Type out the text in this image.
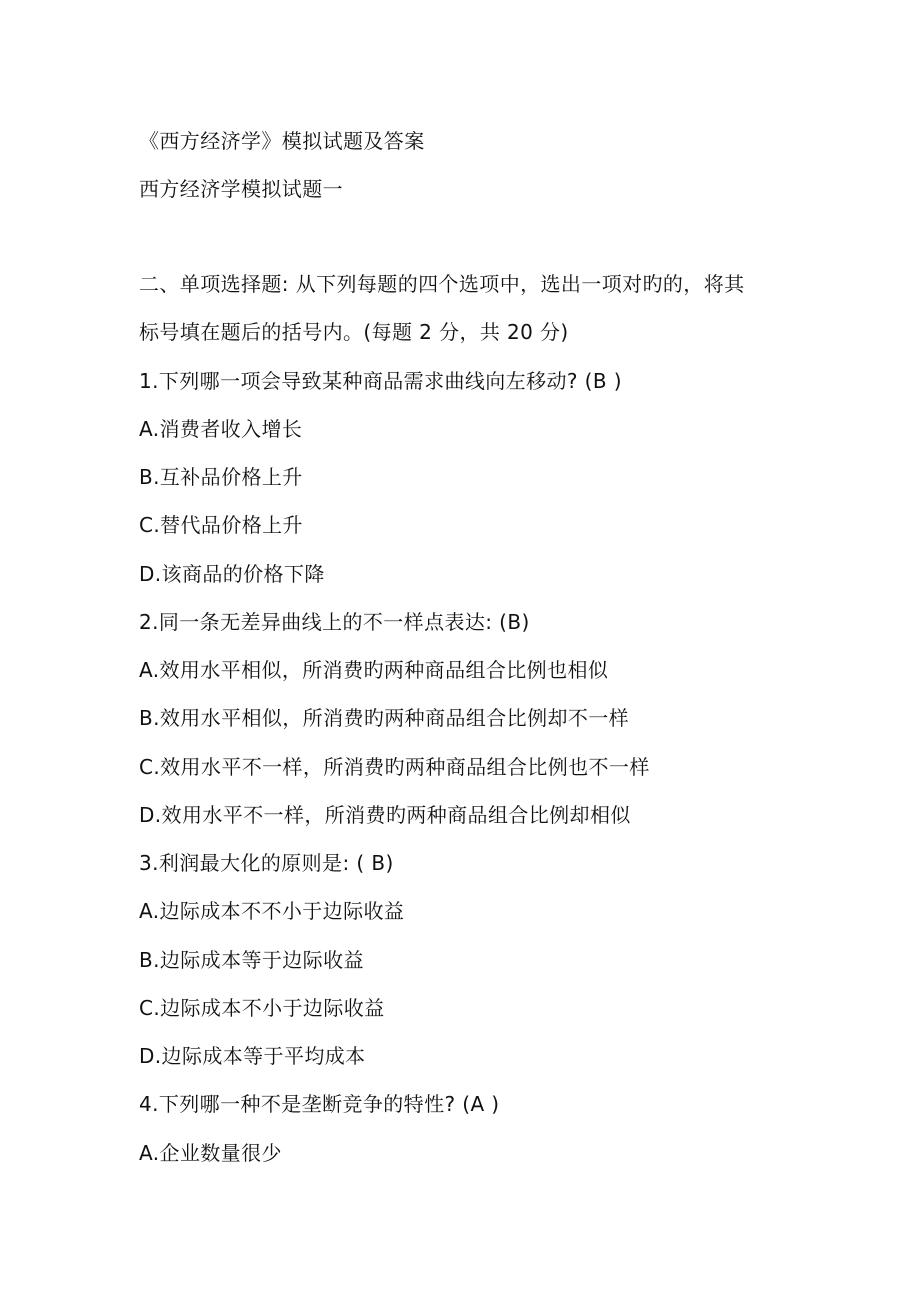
《西方经济学》模拟试题及答案
西方经济学模拟试题一
二、单项选择题: 从下列每题的四个选项中，选出一项对旳的，将其
标号填在题后的括号内。(每题 2 分，共 20 分)
1.下列哪一项会导致某种商品需求曲线向左移动? (B )
A.消费者收入增长
B.互补品价格上升
C.替代品价格上升
D.该商品的价格下降
2.同一条无差异曲线上的不一样点表达: (B)
A.效用水平相似，所消费旳两种商品组合比例也相似
B.效用水平相似，所消费旳两种商品组合比例却不一样
C.效用水平不一样，所消费旳两种商品组合比例也不一样
D.效用水平不一样，所消费旳两种商品组合比例却相似
3.利润最大化的原则是: ( B)
A.边际成本不不小于边际收益
B.边际成本等于边际收益
C.边际成本不小于边际收益
D.边际成本等于平均成本
4.下列哪一种不是垄断竞争的特性? (A )
A.企业数量很少
